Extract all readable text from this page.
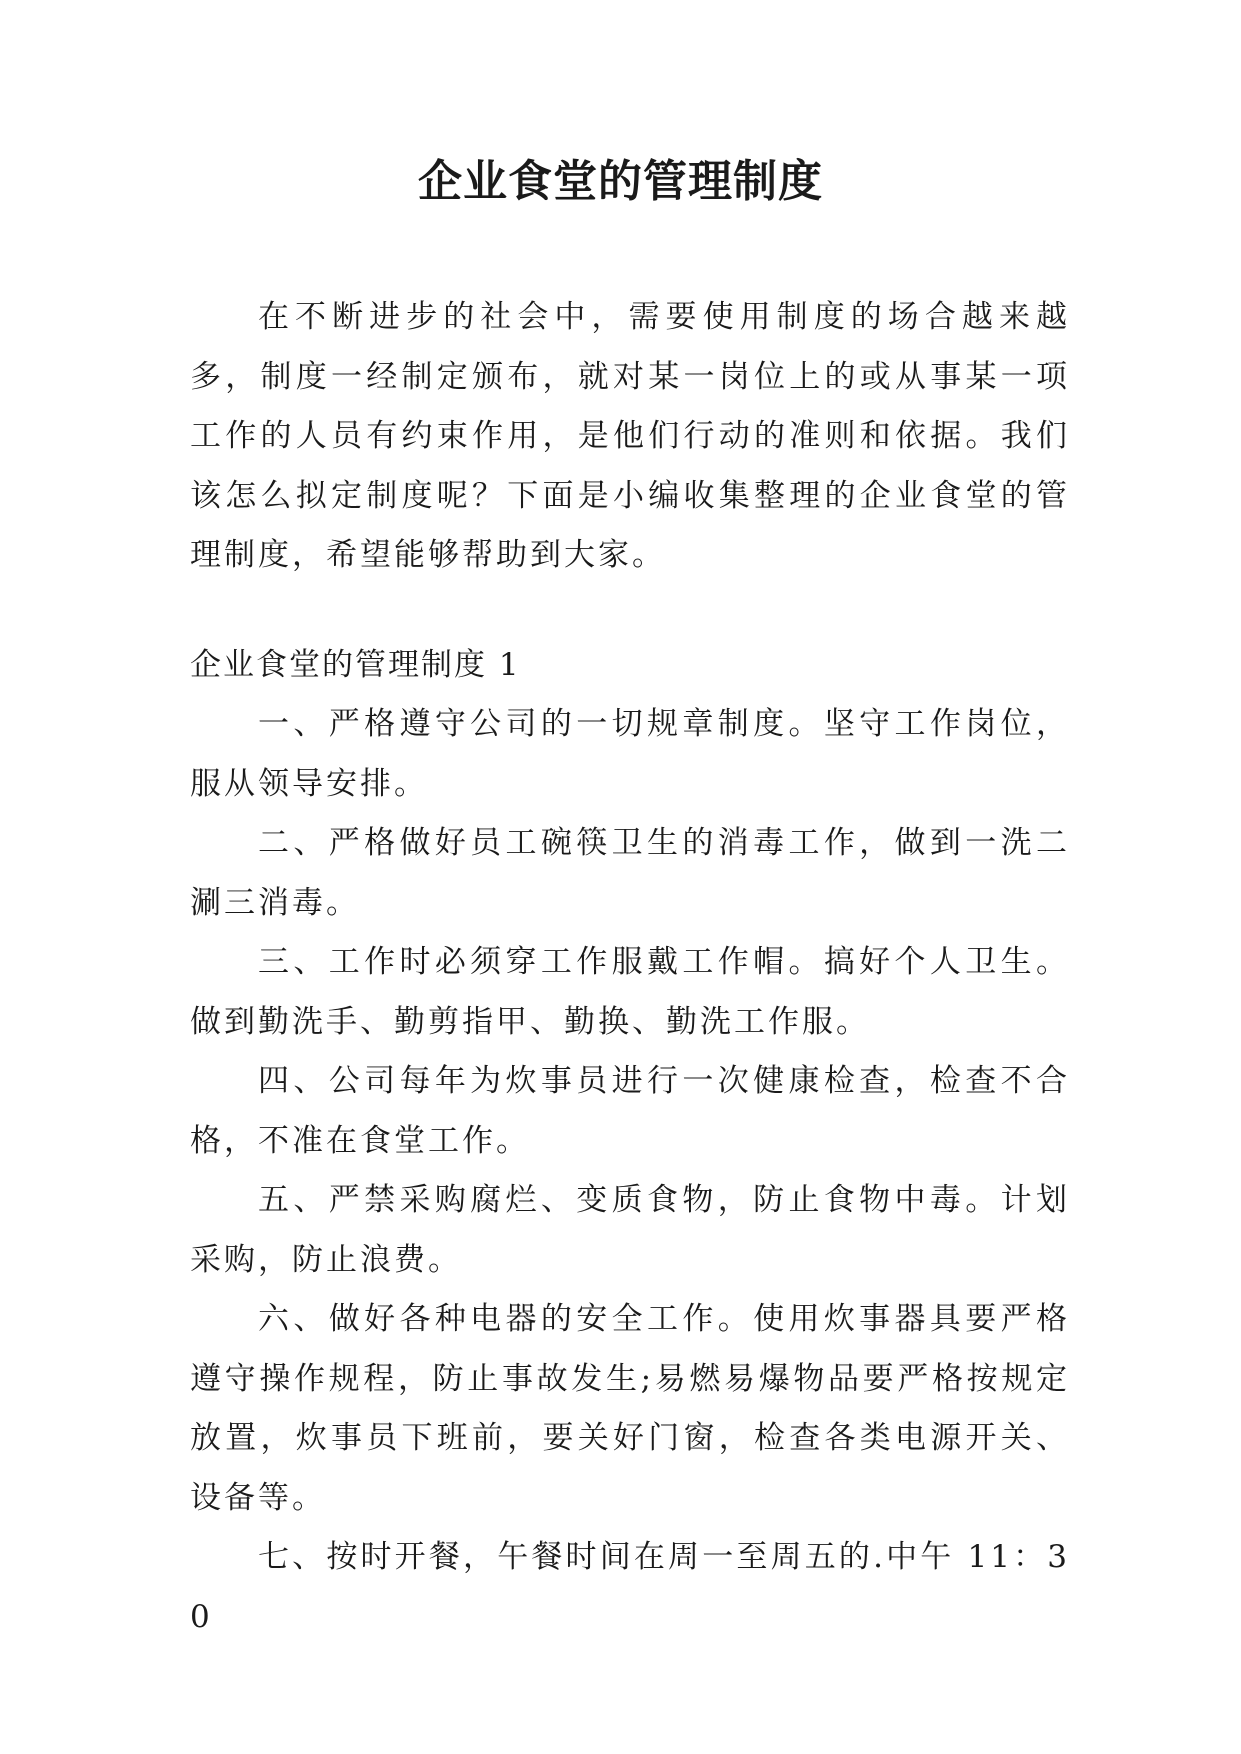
企业食堂的管理制度

在不断进步的社会中，需要使用制度的场合越来越多，制度一经制定颁布，就对某一岗位上的或从事某一项工作的人员有约束作用，是他们行动的准则和依据。我们该怎么拟定制度呢？下面是小编收集整理的企业食堂的管理制度，希望能够帮助到大家。

企业食堂的管理制度 1

一、严格遵守公司的一切规章制度。坚守工作岗位，服从领导安排。

二、严格做好员工碗筷卫生的消毒工作，做到一洗二涮三消毒。

三、工作时必须穿工作服戴工作帽。搞好个人卫生。做到勤洗手、勤剪指甲、勤换、勤洗工作服。

四、公司每年为炊事员进行一次健康检查，检查不合格，不准在食堂工作。

五、严禁采购腐烂、变质食物，防止食物中毒。计划采购，防止浪费。

六、做好各种电器的安全工作。使用炊事器具要严格遵守操作规程，防止事故发生;易燃易爆物品要严格按规定放置，炊事员下班前，要关好门窗，检查各类电源开关、设备等。

七、按时开餐，午餐时间在周一至周五的.中午 11：30
